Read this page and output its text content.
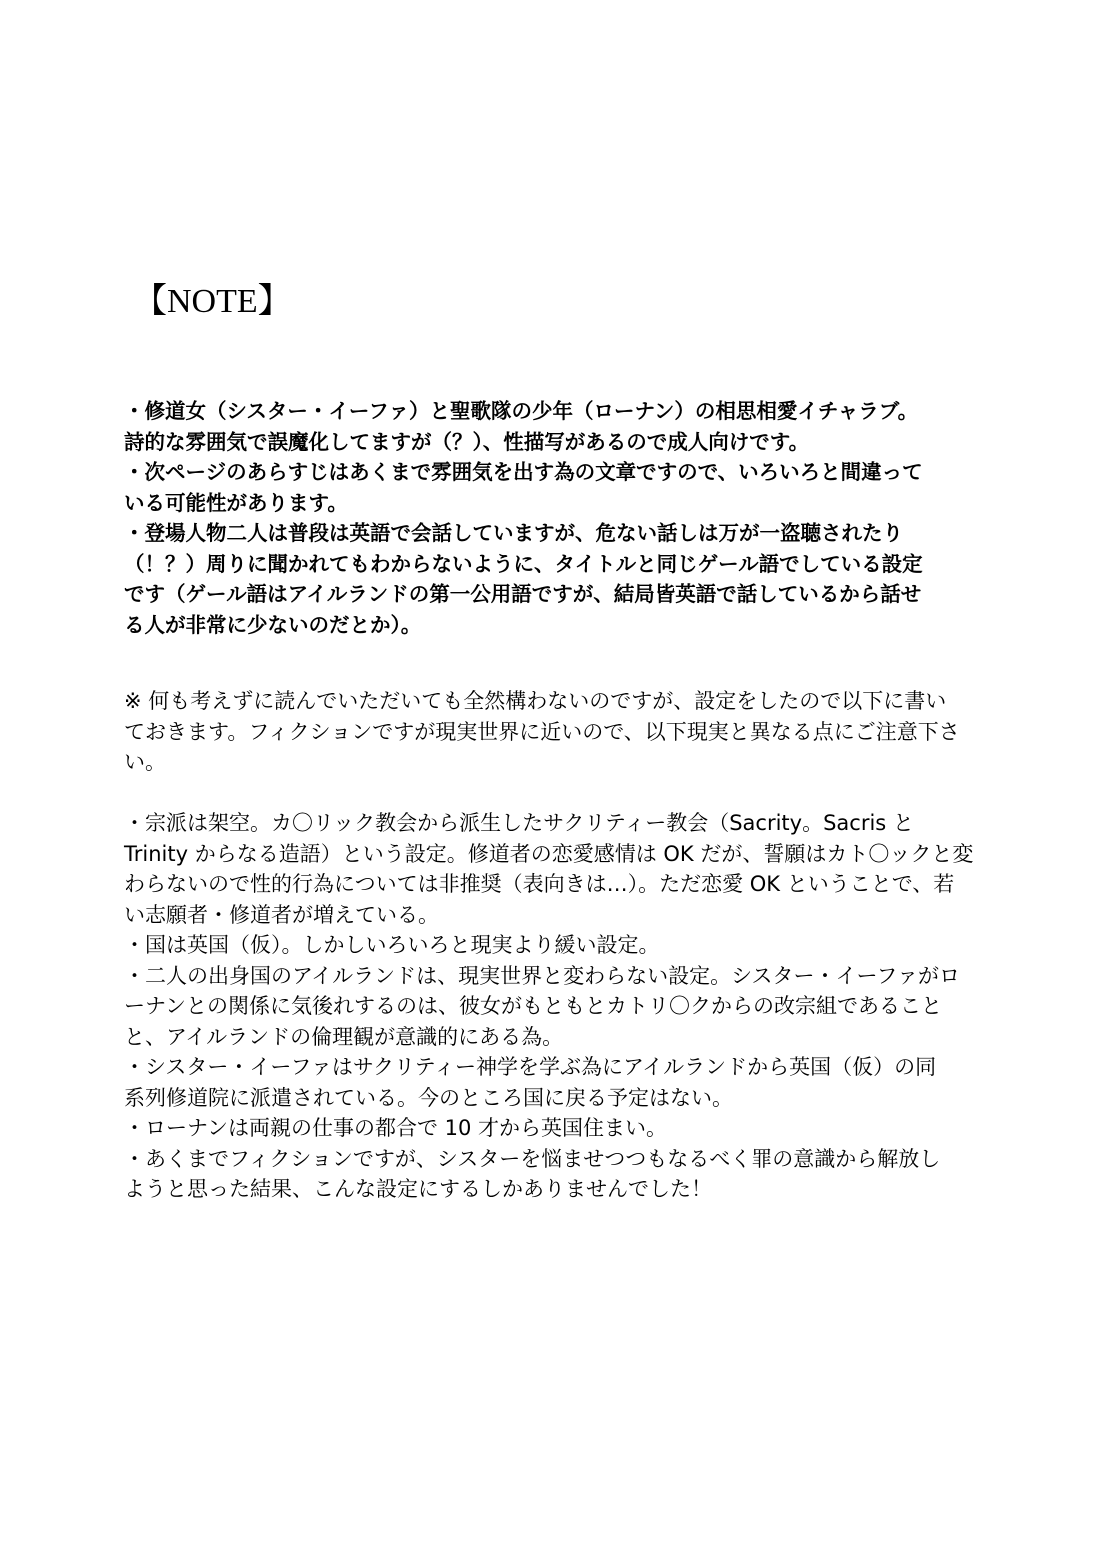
【NOTE】
・修道女（シスター・イーファ）と聖歌隊の少年（ローナン）の相思相愛イチャラブ。
詩的な雰囲気で誤魔化してますが（？）、性描写があるので成人向けです。
・次ページのあらすじはあくまで雰囲気を出す為の文章ですので、いろいろと間違って
いる可能性があります。
・登場人物二人は普段は英語で会話していますが、危ない話しは万が一盗聴されたり
（！？）周りに聞かれてもわからないように、タイトルと同じゲール語でしている設定
です（ゲール語はアイルランドの第一公用語ですが、結局皆英語で話しているから話せ
る人が非常に少ないのだとか）。
※ 何も考えずに読んでいただいても全然構わないのですが、設定をしたので以下に書い
ておきます。フィクションですが現実世界に近いので、以下現実と異なる点にご注意下さ
い。
・宗派は架空。カ〇リック教会から派生したサクリティー教会（Sacrity。Sacris と
Trinity からなる造語）という設定。修道者の恋愛感情は OK だが、誓願はカト〇ックと変
わらないので性的行為については非推奨（表向きは…）。ただ恋愛 OK ということで、若
い志願者・修道者が増えている。
・国は英国（仮）。しかしいろいろと現実より緩い設定。
・二人の出身国のアイルランドは、現実世界と変わらない設定。シスター・イーファがロ
ーナンとの関係に気後れするのは、彼女がもともとカトリ〇クからの改宗組であること
と、アイルランドの倫理観が意識的にある為。
・シスター・イーファはサクリティー神学を学ぶ為にアイルランドから英国（仮）の同
系列修道院に派遣されている。今のところ国に戻る予定はない。
・ローナンは両親の仕事の都合で 10 才から英国住まい。
・あくまでフィクションですが、シスターを悩ませつつもなるべく罪の意識から解放し
ようと思った結果、こんな設定にするしかありませんでした！
